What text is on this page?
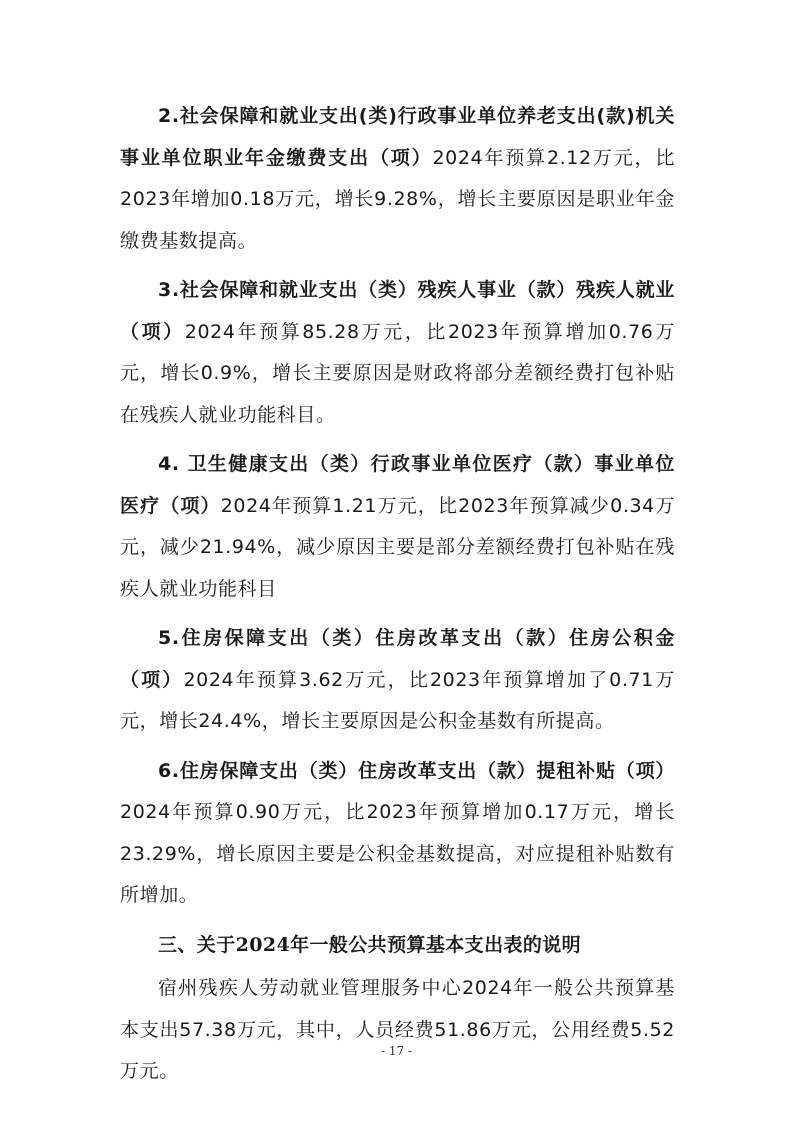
2.社会保障和就业支出(类)行政事业单位养老支出(款)机关事业单位职业年金缴费支出（项）2024年预算2.12万元，比2023年增加0.18万元，增长9.28%，增长主要原因是职业年金缴费基数提高。

3.社会保障和就业支出（类）残疾人事业（款）残疾人就业（项）2024年预算85.28万元，比2023年预算增加0.76万元，增长0.9%，增长主要原因是财政将部分差额经费打包补贴在残疾人就业功能科目。

4. 卫生健康支出（类）行政事业单位医疗（款）事业单位医疗（项）2024年预算1.21万元，比2023年预算减少0.34万元，减少21.94%，减少原因主要是部分差额经费打包补贴在残疾人就业功能科目

5.住房保障支出（类）住房改革支出（款）住房公积金（项）2024年预算3.62万元，比2023年预算增加了0.71万元，增长24.4%，增长主要原因是公积金基数有所提高。

6.住房保障支出（类）住房改革支出（款）提租补贴（项）2024年预算0.90万元，比2023年预算增加0.17万元，增长23.29%，增长原因主要是公积金基数提高，对应提租补贴数有所增加。

三、关于2024年一般公共预算基本支出表的说明

宿州残疾人劳动就业管理服务中心2024年一般公共预算基本支出57.38万元，其中，人员经费51.86万元，公用经费5.52万元。

- 17 -
